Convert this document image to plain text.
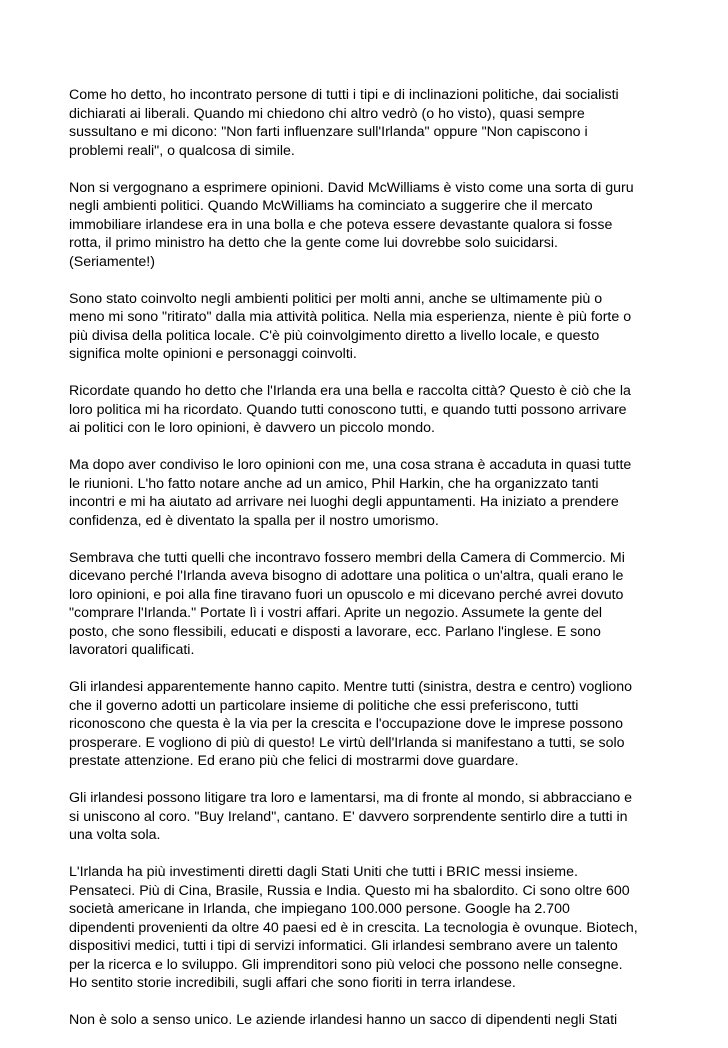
Come ho detto, ho incontrato persone di tutti i tipi e di inclinazioni politiche, dai socialisti
dichiarati ai liberali. Quando mi chiedono chi altro vedrò (o ho visto), quasi sempre
sussultano e mi dicono: "Non farti influenzare sull'Irlanda" oppure "Non capiscono i
problemi reali", o qualcosa di simile.

Non si vergognano a esprimere opinioni. David McWilliams è visto come una sorta di guru
negli ambienti politici. Quando McWilliams ha cominciato a suggerire che il mercato
immobiliare irlandese era in una bolla e che poteva essere devastante qualora si fosse
rotta, il primo ministro ha detto che la gente come lui dovrebbe solo suicidarsi.
(Seriamente!)

Sono stato coinvolto negli ambienti politici per molti anni, anche se ultimamente più o
meno mi sono "ritirato" dalla mia attività politica. Nella mia esperienza, niente è più forte o
più divisa della politica locale. C'è più coinvolgimento diretto a livello locale, e questo
significa molte opinioni e personaggi coinvolti.

Ricordate quando ho detto che l'Irlanda era una bella e raccolta città? Questo è ciò che la
loro politica mi ha ricordato. Quando tutti conoscono tutti, e quando tutti possono arrivare
ai politici con le loro opinioni, è davvero un piccolo mondo.

Ma dopo aver condiviso le loro opinioni con me, una cosa strana è accaduta in quasi tutte
le riunioni. L'ho fatto notare anche ad un amico, Phil Harkin, che ha organizzato tanti
incontri e mi ha aiutato ad arrivare nei luoghi degli appuntamenti. Ha iniziato a prendere
confidenza, ed è diventato la spalla per il nostro umorismo.

Sembrava che tutti quelli che incontravo fossero membri della Camera di Commercio. Mi
dicevano perché l'Irlanda aveva bisogno di adottare una politica o un'altra, quali erano le
loro opinioni, e poi alla fine tiravano fuori un opuscolo e mi dicevano perché avrei dovuto
"comprare l'Irlanda." Portate lì i vostri affari. Aprite un negozio. Assumete la gente del
posto, che sono flessibili, educati e disposti a lavorare, ecc. Parlano l'inglese. E sono
lavoratori qualificati.

Gli irlandesi apparentemente hanno capito. Mentre tutti (sinistra, destra e centro) vogliono
che il governo adotti un particolare insieme di politiche che essi preferiscono, tutti
riconoscono che questa è la via per la crescita e l'occupazione dove le imprese possono
prosperare. E vogliono di più di questo! Le virtù dell'Irlanda si manifestano a tutti, se solo
prestate attenzione. Ed erano più che felici di mostrarmi dove guardare.

Gli irlandesi possono litigare tra loro e lamentarsi, ma di fronte al mondo, si abbracciano e
si uniscono al coro. "Buy Ireland", cantano. E' davvero sorprendente sentirlo dire a tutti in
una volta sola.

L'Irlanda ha più investimenti diretti dagli Stati Uniti che tutti i BRIC messi insieme.
Pensateci. Più di Cina, Brasile, Russia e India. Questo mi ha sbalordito. Ci sono oltre 600
società americane in Irlanda, che impiegano 100.000 persone. Google ha 2.700
dipendenti provenienti da oltre 40 paesi ed è in crescita. La tecnologia è ovunque. Biotech,
dispositivi medici, tutti i tipi di servizi informatici. Gli irlandesi sembrano avere un talento
per la ricerca e lo sviluppo. Gli imprenditori sono più veloci che possono nelle consegne.
Ho sentito storie incredibili, sugli affari che sono fioriti in terra irlandese.

Non è solo a senso unico. Le aziende irlandesi hanno un sacco di dipendenti negli Stati
